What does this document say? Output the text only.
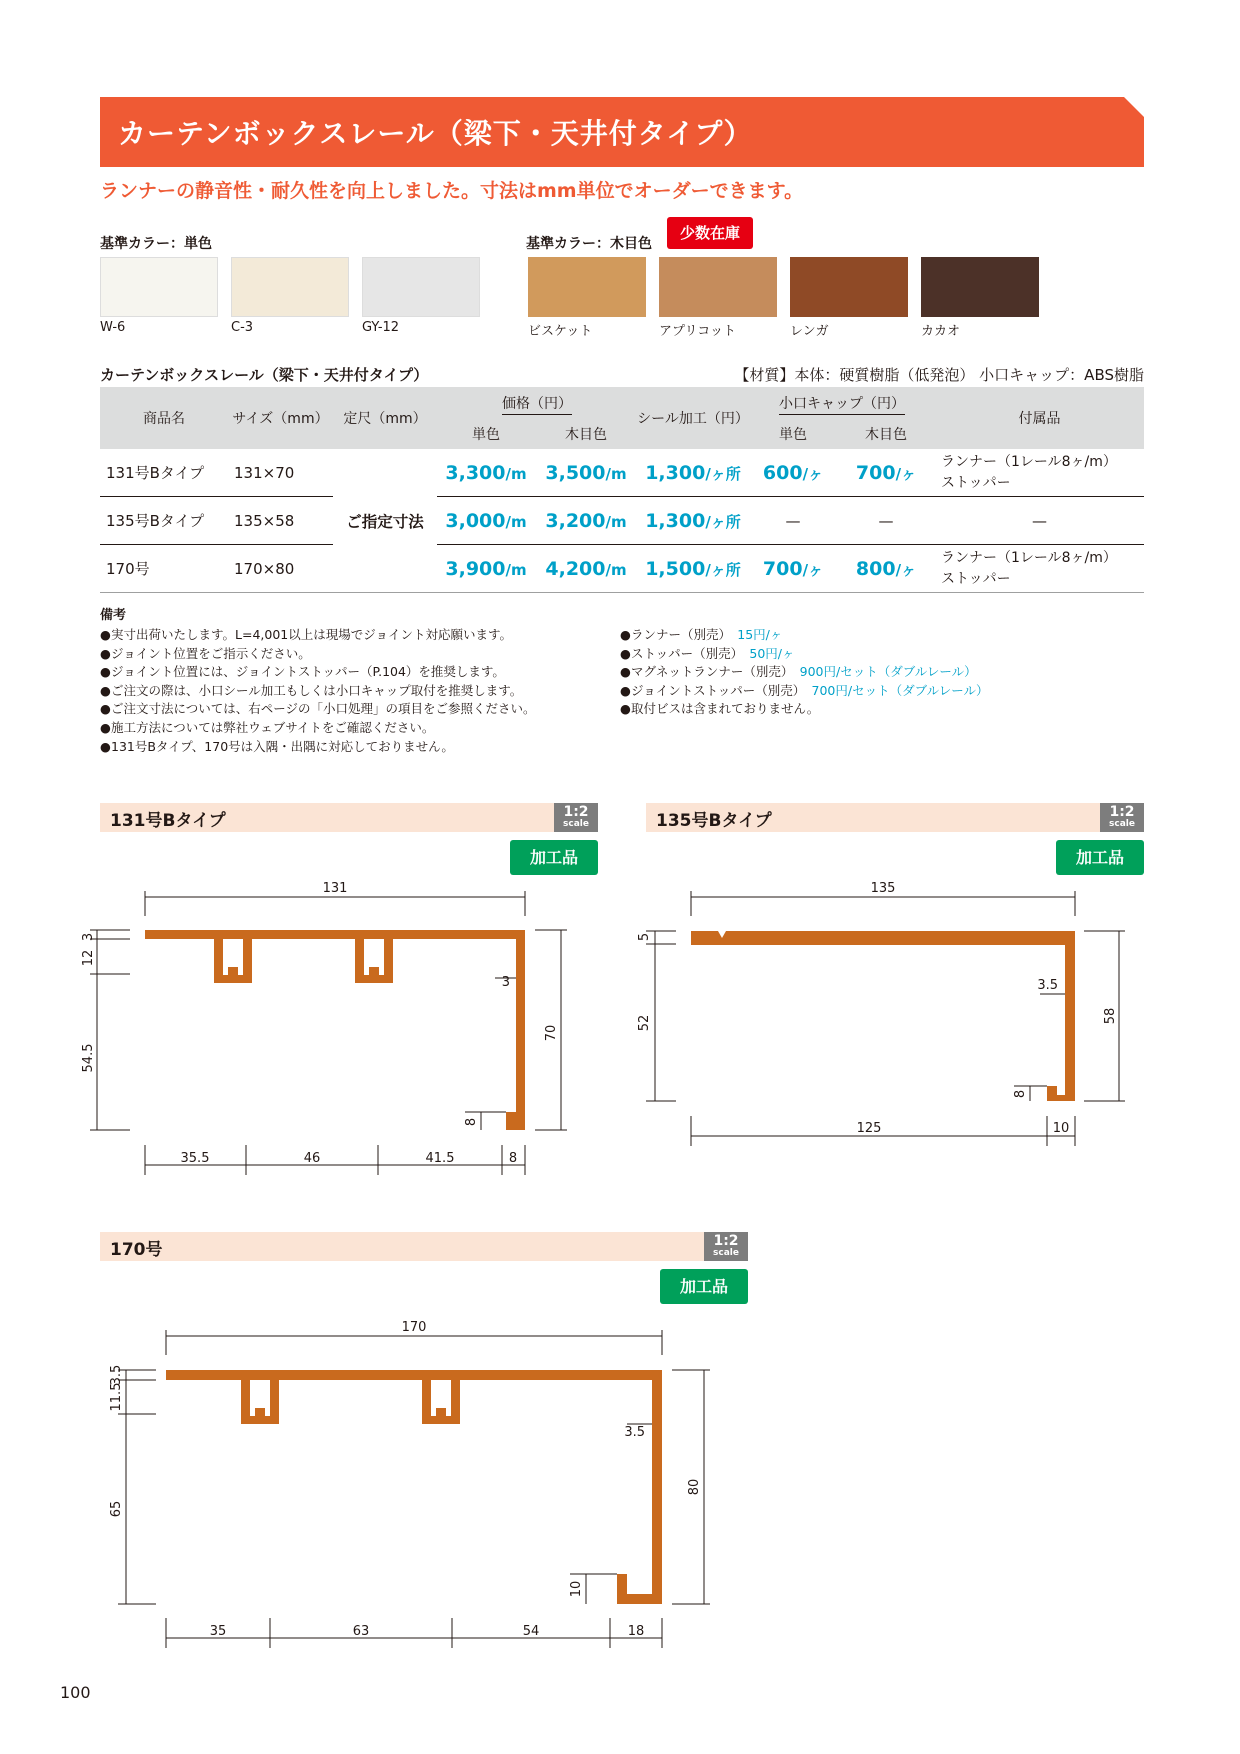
カーテンボックスレール（梁下・天井付タイプ）
ランナーの静音性・耐久性を向上しました。寸法はmm単位でオーダーできます。
基準カラー：単色	基準カラー：木目色
少数在庫
W-6	C-3	GY-12	ビスケット	アプリコット	レンガ	カカオ
カーテンボックスレール（梁下・天井付タイプ）	【材質】本体：硬質樹脂（低発泡） 小口キャップ：ABS樹脂
商品名	サイズ（mm）	定尺（mm）	価格（円）		シール加工（円）	小口キャップ（円）		付属品
			単色	木目色		単色	木目色	
131号Bタイプ	131×70	ご指定寸法	3,300/m	3,500/m	1,300/ヶ所	600/ヶ	700/ヶ	ランナー（1レール8ヶ/m）
ストッパー

135号Bタイプ	135×58		3,000/m	3,200/m	1,300/ヶ所	—	—	—
170号	170×80		3,900/m	4,200/m	1,500/ヶ所	700/ヶ	800/ヶ	ランナー（1レール8ヶ/m）
ストッパー
備考
●実寸出荷いたします。L=4,001以上は現場でジョイント対応願います。
●ジョイント位置をご指示ください。
●ジョイント位置には、ジョイントストッパー（P.104）を推奨します。
●ご注文の際は、小口シール加工もしくは小口キャップ取付を推奨します。
●ご注文寸法については、右ページの「小口処理」の項目をご参照ください。
●施工方法については弊社ウェブサイトをご確認ください。
●131号Bタイプ、170号は入隅・出隅に対応しておりません。
●ランナー（別売）　 15円/ヶ
●ストッパー（別売）　 50円/ヶ
●マグネットランナー（別売）　 900円/セット（ダブルレール）
●ジョイントストッパー（別売）　 700円/セット（ダブルレール）
●取付ビスは含まれておりません。
131号Bタイプ	1:2
scale
加工品
135号Bタイプ	1:2
scale
加工品
170号	1:2
scale
加工品
131
3
70
3
12
54.5
8
35.5	46	41.5	8
135
3.5
58
5
52
8
125	10
170
3.5
80
3.5
11.5
65
10
35	63	54	18
100
